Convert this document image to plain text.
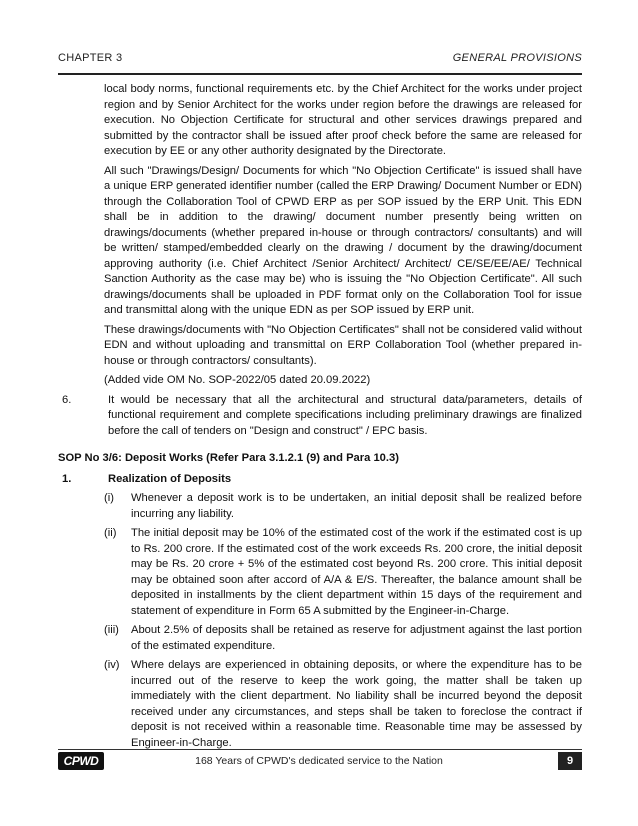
CHAPTER 3	GENERAL PROVISIONS

local body norms, functional requirements etc. by the Chief Architect for the works under project region and by Senior Architect for the works under region before the drawings are released for execution. No Objection Certificate for structural and other services drawings prepared and submitted by the contractor shall be issued after proof check before the same are released for execution by EE or any other authority designated by the Directorate.

All such "Drawings/Design/ Documents for which "No Objection Certificate" is issued shall have a unique ERP generated identifier number (called the ERP Drawing/ Document Number or EDN) through the Collaboration Tool of CPWD ERP as per SOP issued by the ERP Unit. This EDN shall be in addition to the drawing/ document number presently being written on drawings/documents (whether prepared in-house or through contractors/ consultants) and will be written/ stamped/embedded clearly on the drawing / document by the drawing/document approving authority (i.e. Chief Architect /Senior Architect/ Architect/ CE/SE/EE/AE/ Technical Sanction Authority as the case may be) who is issuing the "No Objection Certificate". All such drawings/documents shall be uploaded in PDF format only on the Collaboration Tool for issue and transmittal along with the unique EDN as per SOP issued by ERP unit.

These drawings/documents with "No Objection Certificates" shall not be considered valid without EDN and without uploading and transmittal on ERP Collaboration Tool (whether prepared in-house or through contractors/ consultants).

(Added vide OM No. SOP-2022/05 dated 20.09.2022)

6.	It would be necessary that all the architectural and structural data/parameters, details of functional requirement and complete specifications including preliminary drawings are finalized before the call of tenders on "Design and construct" / EPC basis.
SOP No 3/6: Deposit Works (Refer Para 3.1.2.1 (9) and Para 10.3)
1.	Realization of Deposits
(i)	Whenever a deposit work is to be undertaken, an initial deposit shall be realized before incurring any liability.
(ii)	The initial deposit may be 10% of the estimated cost of the work if the estimated cost is up to Rs. 200 crore. If the estimated cost of the work exceeds Rs. 200 crore, the initial deposit may be Rs. 20 crore + 5% of the estimated cost beyond Rs. 200 crore. This initial deposit may be obtained soon after accord of A/A & E/S. Thereafter, the balance amount shall be deposited in installments by the client department within 15 days of the requirement and statement of expenditure in Form 65 A submitted by the Engineer-in-Charge.
(iii)	About 2.5% of deposits shall be retained as reserve for adjustment against the last portion of the estimated expenditure.
(iv)	Where delays are experienced in obtaining deposits, or where the expenditure has to be incurred out of the reserve to keep the work going, the matter shall be taken up immediately with the client department. No liability shall be incurred beyond the deposit received under any circumstances, and steps shall be taken to foreclose the contract if deposit is not received within a reasonable time. Reasonable time may be assessed by Engineer-in-Charge.
CPWD	168 Years of CPWD's dedicated service to the Nation	9
